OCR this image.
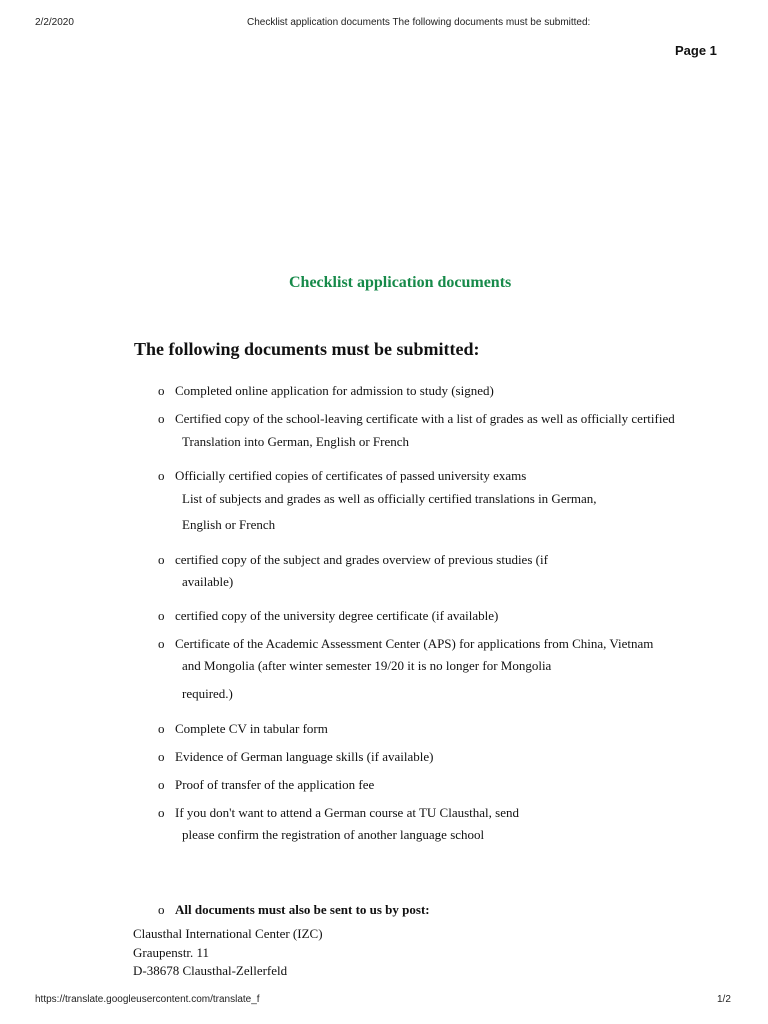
2/2/2020	Checklist application documents The following documents must be submitted:
Page 1
Checklist application documents
The following documents must be submitted:
o Completed online application for admission to study (signed)
o Certified copy of the school-leaving certificate with a list of grades as well as officially certified
Translation into German, English or French
o Officially certified copies of certificates of passed university exams
List of subjects and grades as well as officially certified translations in German,
English or French
o certified copy of the subject and grades overview of previous studies (if
available)
o certified copy of the university degree certificate (if available)
o Certificate of the Academic Assessment Center (APS) for applications from China, Vietnam
and Mongolia (after winter semester 19/20 it is no longer for Mongolia
required.)
o Complete CV in tabular form
o Evidence of German language skills (if available)
o Proof of transfer of the application fee
o If you don't want to attend a German course at TU Clausthal, send
please confirm the registration of another language school
o All documents must also be sent to us by post:
Clausthal International Center (IZC)
Graupenstr. 11
D-38678 Clausthal-Zellerfeld
https://translate.googleusercontent.com/translate_f	1/2
